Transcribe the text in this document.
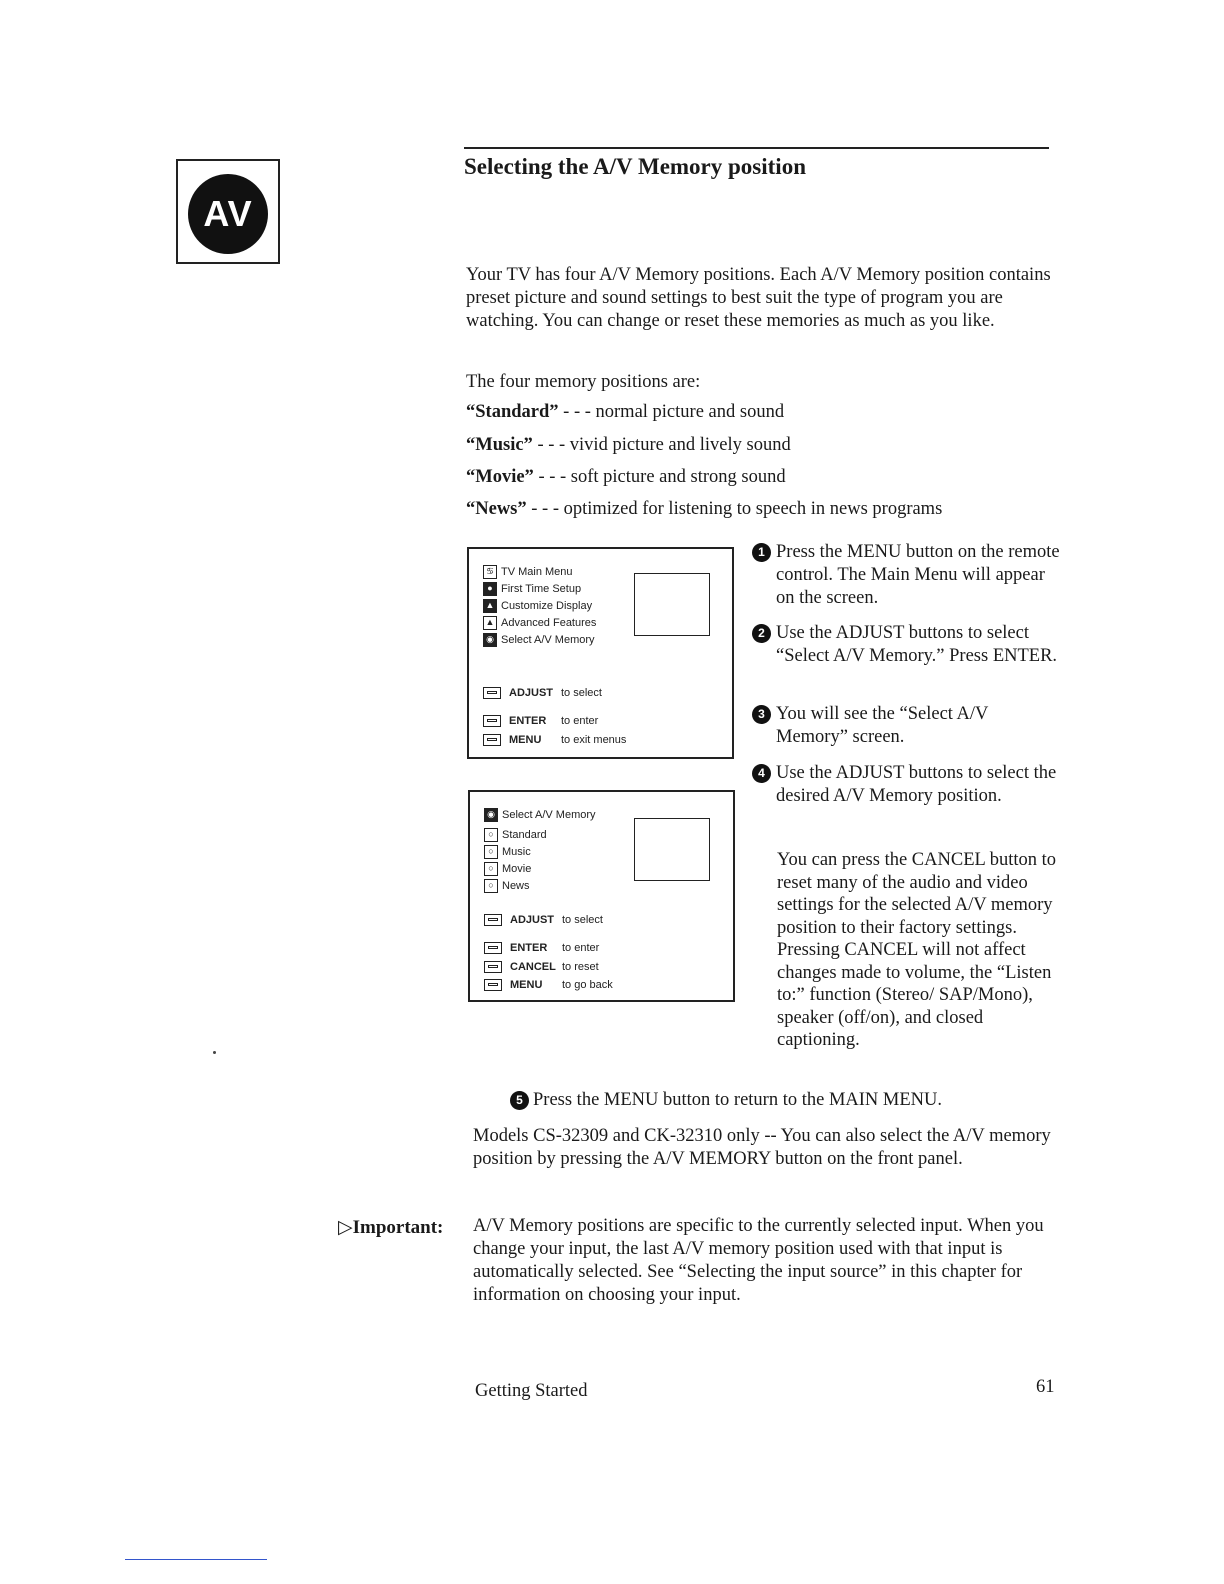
AV
Selecting the A/V Memory position

Your TV has four A/V Memory positions. Each A/V Memory position contains preset picture and sound settings to best suit the type of program you are watching. You can change or reset these memories as much as you like.

The four memory positions are:

“Standard” - - - normal picture and sound
“Music” - - - vivid picture and lively sound
“Movie” - - - soft picture and strong sound
“News” - - - optimized for listening to speech in news programs
♋ TV Main Menu
● First Time Setup
▲ Customize Display
▲ Advanced Features
◉ Select A/V Memory
ADJUST to select
ENTER	to enter
MENU	to exit menus
◉ Select A/V Memory
○ Standard
○ Music
○ Movie
○ News
ADJUST to select
ENTER	to enter
CANCEL to reset
MENU	to go back
1 Press the MENU button on the remote control. The Main Menu will appear on the screen.
2 Use the ADJUST buttons to select “Select A/V Memory.” Press ENTER.
3 You will see the “Select A/V Memory” screen.
4 Use the ADJUST buttons to select the desired A/V Memory position.
You can press the CANCEL button to reset many of the audio and video settings for the selected A/V memory position to their factory settings. Pressing CANCEL will not affect changes made to volume, the “Listen to:” function (Stereo/ SAP/Mono), speaker (off/on), and closed captioning.
5 Press the MENU button to return to the MAIN MENU.

Models CS-32309 and CK-32310 only -- You can also select the A/V memory position by pressing the A/V MEMORY button on the front panel.

▷Important: A/V Memory positions are specific to the currently selected input. When you change your input, the last A/V memory position used with that input is automatically selected. See “Selecting the input source” in this chapter for information on choosing your input.

Getting Started	61
